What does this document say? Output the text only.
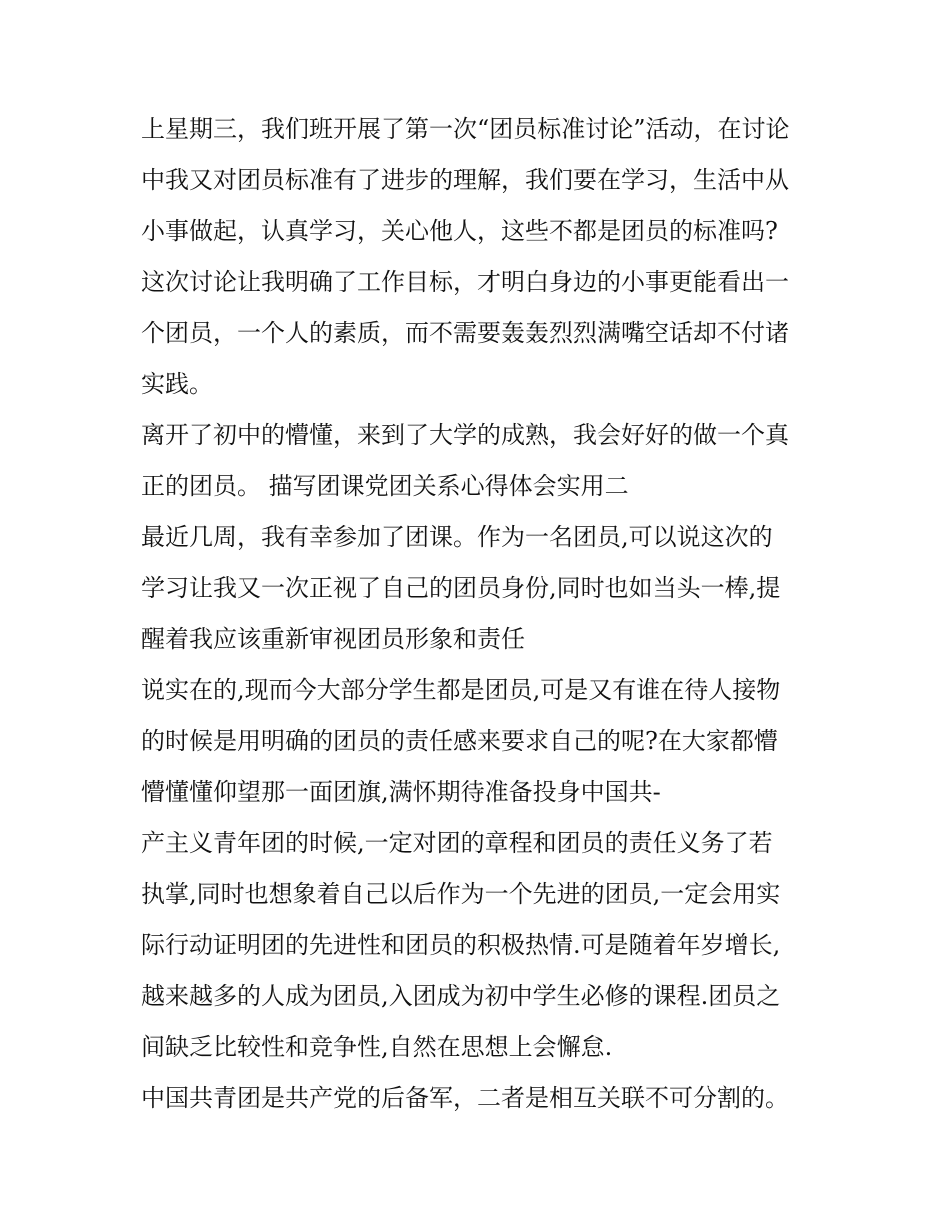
上星期三，我们班开展了第一次“团员标准讨论”活动，在讨论
中我又对团员标准有了进步的理解，我们要在学习，生活中从
小事做起，认真学习，关心他人，这些不都是团员的标准吗?
这次讨论让我明确了工作目标，才明白身边的小事更能看出一
个团员，一个人的素质，而不需要轰轰烈烈满嘴空话却不付诸
实践。
离开了初中的懵懂，来到了大学的成熟，我会好好的做一个真
正的团员。 描写团课党团关系心得体会实用二
最近几周，我有幸参加了团课。作为一名团员,可以说这次的
学习让我又一次正视了自己的团员身份,同时也如当头一棒,提
醒着我应该重新审视团员形象和责任
说实在的,现而今大部分学生都是团员,可是又有谁在待人接物
的时候是用明确的团员的责任感来要求自己的呢?在大家都懵
懵懂懂仰望那一面团旗,满怀期待准备投身中国共-
产主义青年团的时候,一定对团的章程和团员的责任义务了若
执掌,同时也想象着自己以后作为一个先进的团员,一定会用实
际行动证明团的先进性和团员的积极热情.可是随着年岁增长,
越来越多的人成为团员,入团成为初中学生必修的课程.团员之
间缺乏比较性和竞争性,自然在思想上会懈怠.
中国共青团是共产党的后备军，二者是相互关联不可分割的。
